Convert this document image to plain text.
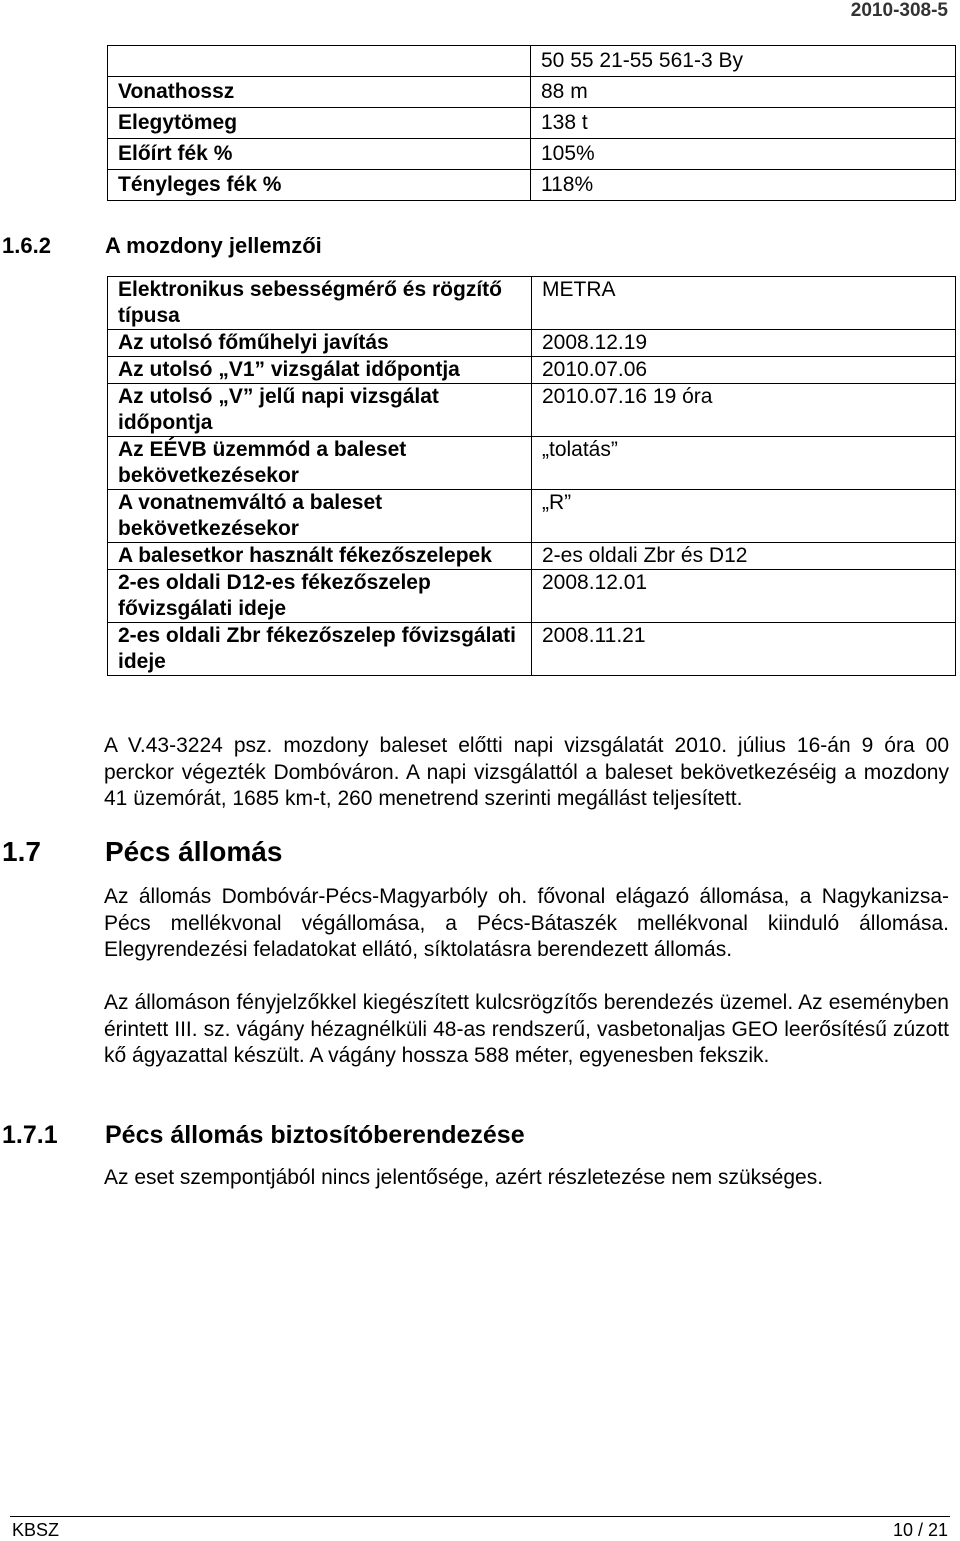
2010-308-5
	50 55 21-55 561-3 By
Vonathossz	88 m
Elegytömeg	138 t
Előírt fék %	105%
Tényleges fék %	118%
1.6.2 A mozdony jellemzői
Elektronikus sebességmérő és rögzítő típusa	METRA
Az utolsó főműhelyi javítás	2008.12.19
Az utolsó „V1” vizsgálat időpontja	2010.07.06
Az utolsó „V” jelű napi vizsgálat időpontja	2010.07.16 19 óra
Az EÉVB üzemmód a baleset bekövetkezésekor	„tolatás”
A vonatnemváltó a baleset bekövetkezésekor	„R”
A balesetkor használt fékezőszelepek	2-es oldali Zbr és D12
2-es oldali D12-es fékezőszelep fővizsgálati ideje	2008.12.01
2-es oldali Zbr fékezőszelep fővizsgálati ideje	2008.11.21
A V.43-3224 psz. mozdony baleset előtti napi vizsgálatát 2010. július 16-án 9 óra 00 perckor végezték Dombóváron. A napi vizsgálattól a baleset bekövetkezéséig a mozdony 41 üzemórát, 1685 km-t, 260 menetrend szerinti megállást teljesített.
1.7 Pécs állomás
Az állomás Dombóvár-Pécs-Magyarbóly oh. fővonal elágazó állomása, a Nagykanizsa-Pécs mellékvonal végállomása, a Pécs-Bátaszék mellékvonal kiinduló állomása. Elegyrendezési feladatokat ellátó, síktolatásra berendezett állomás.
Az állomáson fényjelzőkkel kiegészített kulcsrögzítős berendezés üzemel. Az eseményben érintett III. sz. vágány hézagnélküli 48-as rendszerű, vasbetonaljas GEO leerősítésű zúzott kő ágyazattal készült. A vágány hossza 588 méter, egyenesben fekszik.
1.7.1 Pécs állomás biztosítóberendezése
Az eset szempontjából nincs jelentősége, azért részletezése nem szükséges.
KBSZ	10 / 21
